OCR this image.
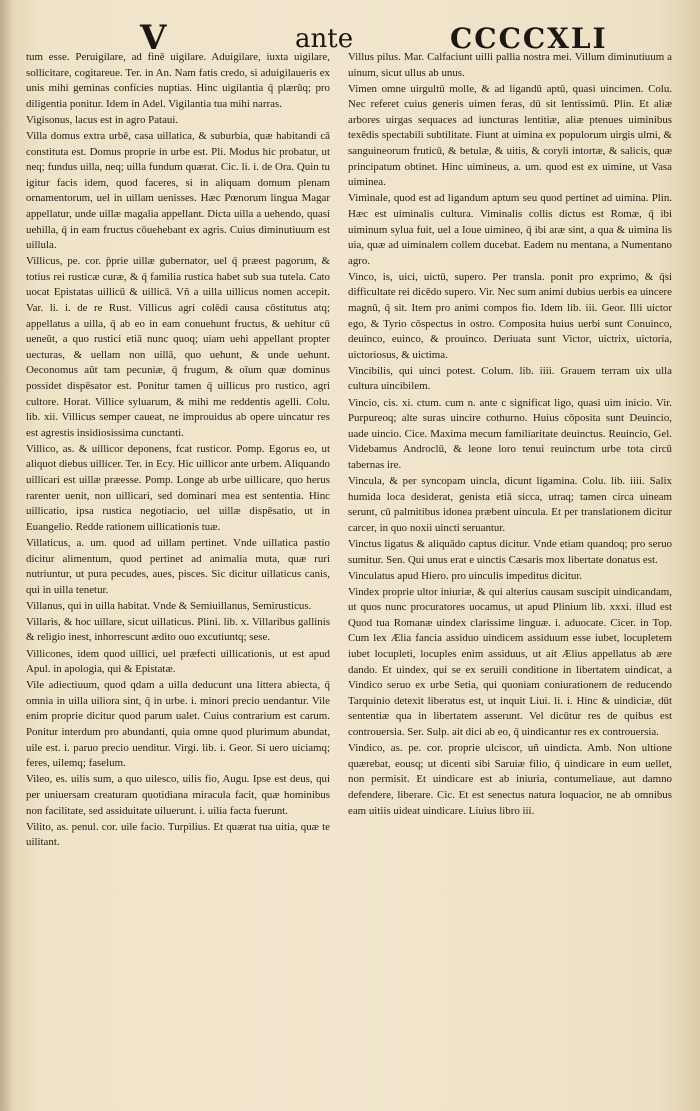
V	ante	CCCCXLI

tum esse. Peruigilare, ad finē uigilare. Aduigilare, iuxta uigilare, sollicitare, cogitareue. Ter. in An. Nam fatis credo, si aduigilaueris ex unis mihi geminas confícies nuptias. Hinc uigilantia q̄ plærūq; pro diligentia ponitur. Idem in Adel. Vigilantia tua mihi narras.

Vigisonus, lacus est in agro Pataui.

Villa domus extra urbē, casa uillatica, & suburbia, quæ habitandi cā constituta est. Domus proprie in urbe est. Pli. Modus hic probatur, ut neq; fundus uilla, neq; uilla fundum quærat. Cic. li. i. de Ora. Quin tu igitur facis idem, quod faceres, si in aliquam domum plenam ornamentorum, uel in uillam uenisses. Hæc Pœnorum lingua Magar appellatur, unde uillæ magalia appellant. Dicta uilla a uehendo, quasi uehilla, q̄ in eam fructus cōuehebant ex agris. Cuius diminutiuum est uillula.

Villicus, pe. cor. p̄prie uillæ gubernator, uel q̄ præest pagorum, & totius rei rusticæ curæ, & q̄ familia rustica habet sub sua tutela. Cato uocat Epistatas uillicū & uillicā. Vñ a uilla uillicus nomen accepit. Var. li. i. de re Rust. Villicus agri colēdi causa cōstitutus atq; appellatus a uilla, q̄ ab eo in eam conuehunt fructus, & uehitur cū ueneūt, a quo rustici etiā nunc quoq; uiam uehi appellant propter uecturas, & uellam non uillā, quo uehunt, & unde uehunt. Oeconomus aūt tam pecuniæ, q̄ frugum, & oīum quæ dominus possidet dispēsator est. Ponitur tamen q̄ uillicus pro rustico, agri cultore. Horat. Villice syluarum, & mihi me reddentis agelli. Colu. lib. xii. Villicus semper caueat, ne improuidus ab opere uincatur res est agrestis insidiosissima cunctanti.

Villico, as. & uillicor deponens, fcat rusticor. Pomp. Egorus eo, ut aliquot diebus uillicer. Ter. in Ecy. Hic uillicor ante urbem. Aliquando uillicari est uillæ præesse. Pomp. Longe ab urbe uillicare, quo herus rarenter uenit, non uillicari, sed dominari mea est sententia. Hinc uillicatio, ipsa rustica negotiacio, uel uillæ dispēsatio, ut in Euangelio. Redde rationem uillicationis tuæ.

Villaticus, a. um. quod ad uillam pertinet. Vnde uillatica pastio dicitur alimentum, quod pertinet ad animalia muta, quæ ruri nutriuntur, ut pura pecudes, aues, pisces. Sic dicitur uillaticus canis, qui in uilla tenetur.

Villanus, qui in uilla habitat. Vnde & Semiuillanus, Semirusticus.

Villaris, & hoc uillare, sicut uillaticus. Plini. lib. x. Villaribus gallinis & religio inest, inhorrescunt ædito ouo excutiuntq; sese.

Villicones, idem quod uillici, uel præfecti uillicationis, ut est apud Apul. in apologia, qui & Epistatæ.

Vile adiectiuum, quod qdam a uilla deducunt una littera abiecta, q̄ omnia in uilla uiliora sint, q̄ in urbe. i. minori precio uendantur. Vile enim proprie dicitur quod parum ualet. Cuius contrarium est carum. Ponitur interdum pro abundanti, quia omne quod plurimum abundat, uile est. i. paruo precio uenditur. Virgi. lib. i. Geor. Si uero uiciamq; feres, uilemq; faselum.

Vileo, es. uilis sum, a quo uilesco, uilis fio, Augu. Ipse est deus, qui per uniuersam creaturam quotidiana miracula facit, quæ hominibus non facilitate, sed assiduitate uiluerunt. i. uilia facta fuerunt.

Vilito, as. penul. cor. uile facio. Turpilius. Et quærat tua uitia, quæ te uilitant.

Villus pilus. Mar. Calfaciunt uilli pallia nostra mei. Villum diminutiuum a uinum, sicut ullus ab unus.

Vimen omne uirgultū molle, & ad ligandū aptū, quasi uincimen. Colu. Nec referet cuius generis uimen feras, dū sit lentissimū. Plin. Et aliæ arbores uirgas sequaces ad iuncturas lentitiæ, aliæ ptenues uiminibus texēdis spectabili subtilitate. Fiunt at uimina ex populorum uirgis ulmi, & sanguineorum fruticū, & betulæ, & uitis, & coryli intortæ, & salicis, quæ principatum obtinet. Hinc uimineus, a. um. quod est ex uimine, ut Vasa uiminea.

Viminale, quod est ad ligandum aptum seu quod pertinet ad uimina. Plin. Hæc est uiminalis cultura. Viminalis collis dictus est Romæ, q̄ ibi uiminum sylua fuit, uel a Ioue uimineo, q̄ ibi aræ sint, a qua & uimina lis uia, quæ ad uiminalem collem ducebat. Eadem nu mentana, a Numentano agro.

Vinco, is, uici, uictū, supero. Per transla. ponit pro exprimo, & q̄si difficultate rei dicēdo supero. Vir. Nec sum animi dubius uerbis ea uincere magnū, q̄ sit. Item pro animi compos fio. Idem lib. iii. Geor. Illi uictor ego, & Tyrio cōspectus in ostro. Composita huius uerbi sunt Conuinco, deuinco, euinco, & prouinco. Deriuata sunt Victor, uictrix, uictoria, uictoriosus, & uictima.

Vincibilis, qui uinci potest. Colum. lib. iiii. Grauem terram uix ulla cultura uincibilem.

Vincio, cis. xi. ctum. cum n. ante c significat ligo, quasi uim inicio. Vir. Purpureoq; alte suras uincire cothurno. Huius cōposita sunt Deuincio, uade uincio. Cice. Maxima mecum familiaritate deuinctus. Reuincio, Gel. Videbamus Androclū, & leone loro tenui reuinctum urbe tota circū tabernas ire.

Vincula, & per syncopam uincla, dicunt ligamina. Colu. lib. iiii. Salix humida loca desiderat, genista etiā sicca, utraq; tamen circa uineam serunt, cū palmitibus idonea præbent uincula. Et per translationem dicitur carcer, in quo noxii uincti seruantur.

Vinctus ligatus & aliquādo captus dicitur. Vnde etiam quandoq; pro seruo sumitur. Sen. Qui unus erat e uinctis Cæsaris mox libertate donatus est.

Vinculatus apud Hiero. pro uinculis impeditus dicitur.

Vindex proprie ultor iniuriæ, & qui alterius causam suscipit uindicandam, ut quos nunc procuratores uocamus, ut apud Plinium lib. xxxi. illud est Quod tua Romanæ uindex clarissime linguæ. i. aduocate. Cicer. in Top. Cum lex Ælia fancia assiduo uindicem assiduum esse iubet, locupletem iubet locupleti, locuples enim assiduus, ut ait Ælius appellatus ab ære dando. Et uindex, qui se ex seruili conditione in libertatem uindicat, a Vindico seruo ex urbe Setia, qui quoniam coniurationem de reducendo Tarquinio detexit liberatus est, ut inquit Liui. li. i. Hinc & uindiciæ, dūt sententiæ qua in libertatem asserunt. Vel dicūtur res de quibus est controuersia. Ser. Sulp. ait dici ab eo, q̄ uindicantur res ex controuersia.

Vindico, as. pe. cor. proprie ulciscor, uñ uindicta. Amb. Non ultione quærebat, eousq; ut dicenti sibi Saruiæ filio, q̄ uindicare in eum uellet, non permisit. Et uindicare est ab iniuria, contumeliaue, aut damno defendere, liberare. Cic. Et est senectus natura loquacior, ne ab omnibus eam uitiis uideat uindicare. Liuius libro iii.
